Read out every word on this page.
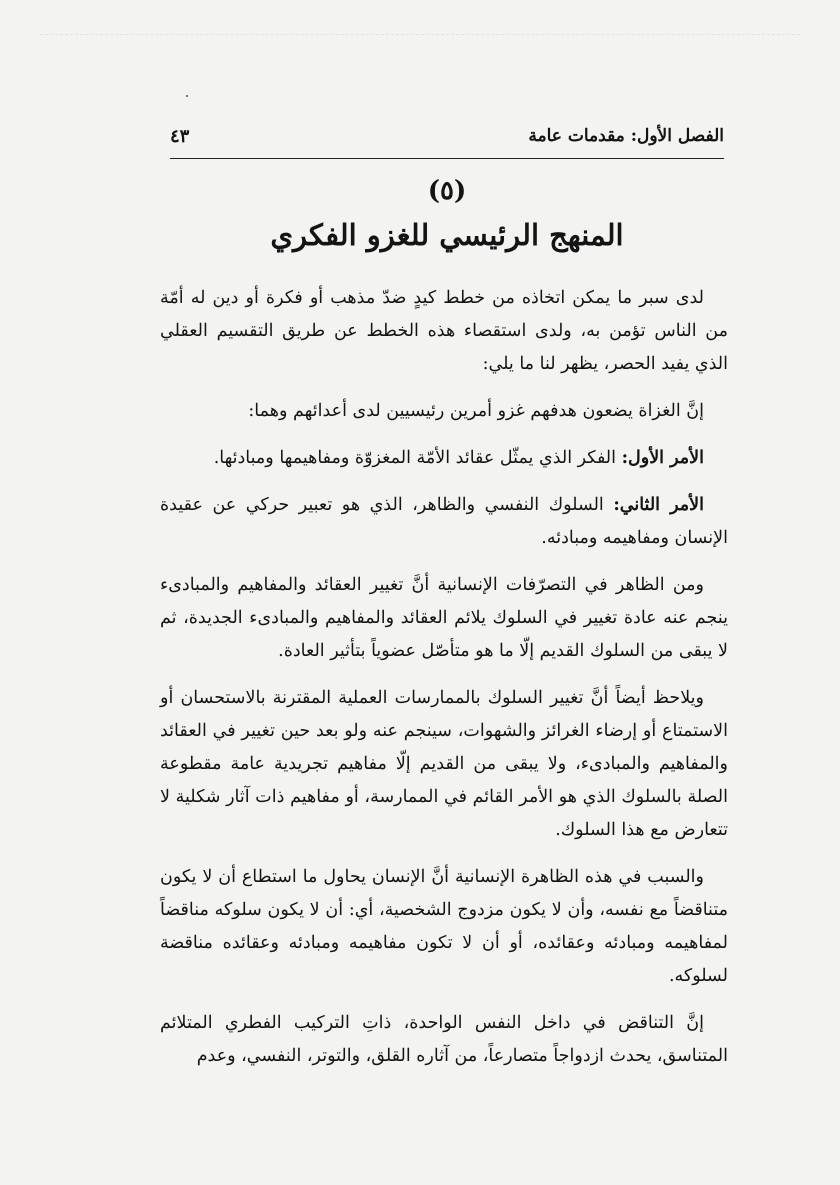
الفصل الأول: مقدمات عامة
٤٣
(٥)
المنهج الرئيسي للغزو الفكري

لدى سبر ما يمكن اتخاذه من خطط كيدٍ ضدّ مذهب أو فكرة أو دين له أمّة من الناس تؤمن به، ولدى استقصاء هذه الخطط عن طريق التقسيم العقلي الذي يفيد الحصر، يظهر لنا ما يلي:

إنَّ الغزاة يضعون هدفهم غزو أمرين رئيسيين لدى أعدائهم وهما:

الأمر الأول: الفكر الذي يمثّل عقائد الأمّة المغزوّة ومفاهيمها ومبادئها.

الأمر الثاني: السلوك النفسي والظاهر، الذي هو تعبير حركي عن عقيدة الإنسان ومفاهيمه ومبادئه.

ومن الظاهر في التصرّفات الإنسانية أنَّ تغيير العقائد والمفاهيم والمبادىء ينجم عنه عادة تغيير في السلوك يلائم العقائد والمفاهيم والمبادىء الجديدة، ثم لا يبقى من السلوك القديم إلّا ما هو متأصّل عضوياً بتأثير العادة.

ويلاحظ أيضاً أنَّ تغيير السلوك بالممارسات العملية المقترنة بالاستحسان أو الاستمتاع أو إرضاء الغرائز والشهوات، سينجم عنه ولو بعد حين تغيير في العقائد والمفاهيم والمبادىء، ولا يبقى من القديم إلّا مفاهيم تجريدية عامة مقطوعة الصلة بالسلوك الذي هو الأمر القائم في الممارسة، أو مفاهيم ذات آثار شكلية لا تتعارض مع هذا السلوك.

والسبب في هذه الظاهرة الإنسانية أنَّ الإنسان يحاول ما استطاع أن لا يكون متناقضاً مع نفسه، وأن لا يكون مزدوج الشخصية، أي: أن لا يكون سلوكه مناقضاً لمفاهيمه ومبادئه وعقائده، أو أن لا تكون مفاهيمه ومبادئه وعقائده مناقضة لسلوكه.

إنَّ التناقض في داخل النفس الواحدة، ذاتِ التركيب الفطري المتلائم المتناسق، يحدث ازدواجاً متصارعاً، من آثاره القلق، والتوتر، النفسي، وعدم
